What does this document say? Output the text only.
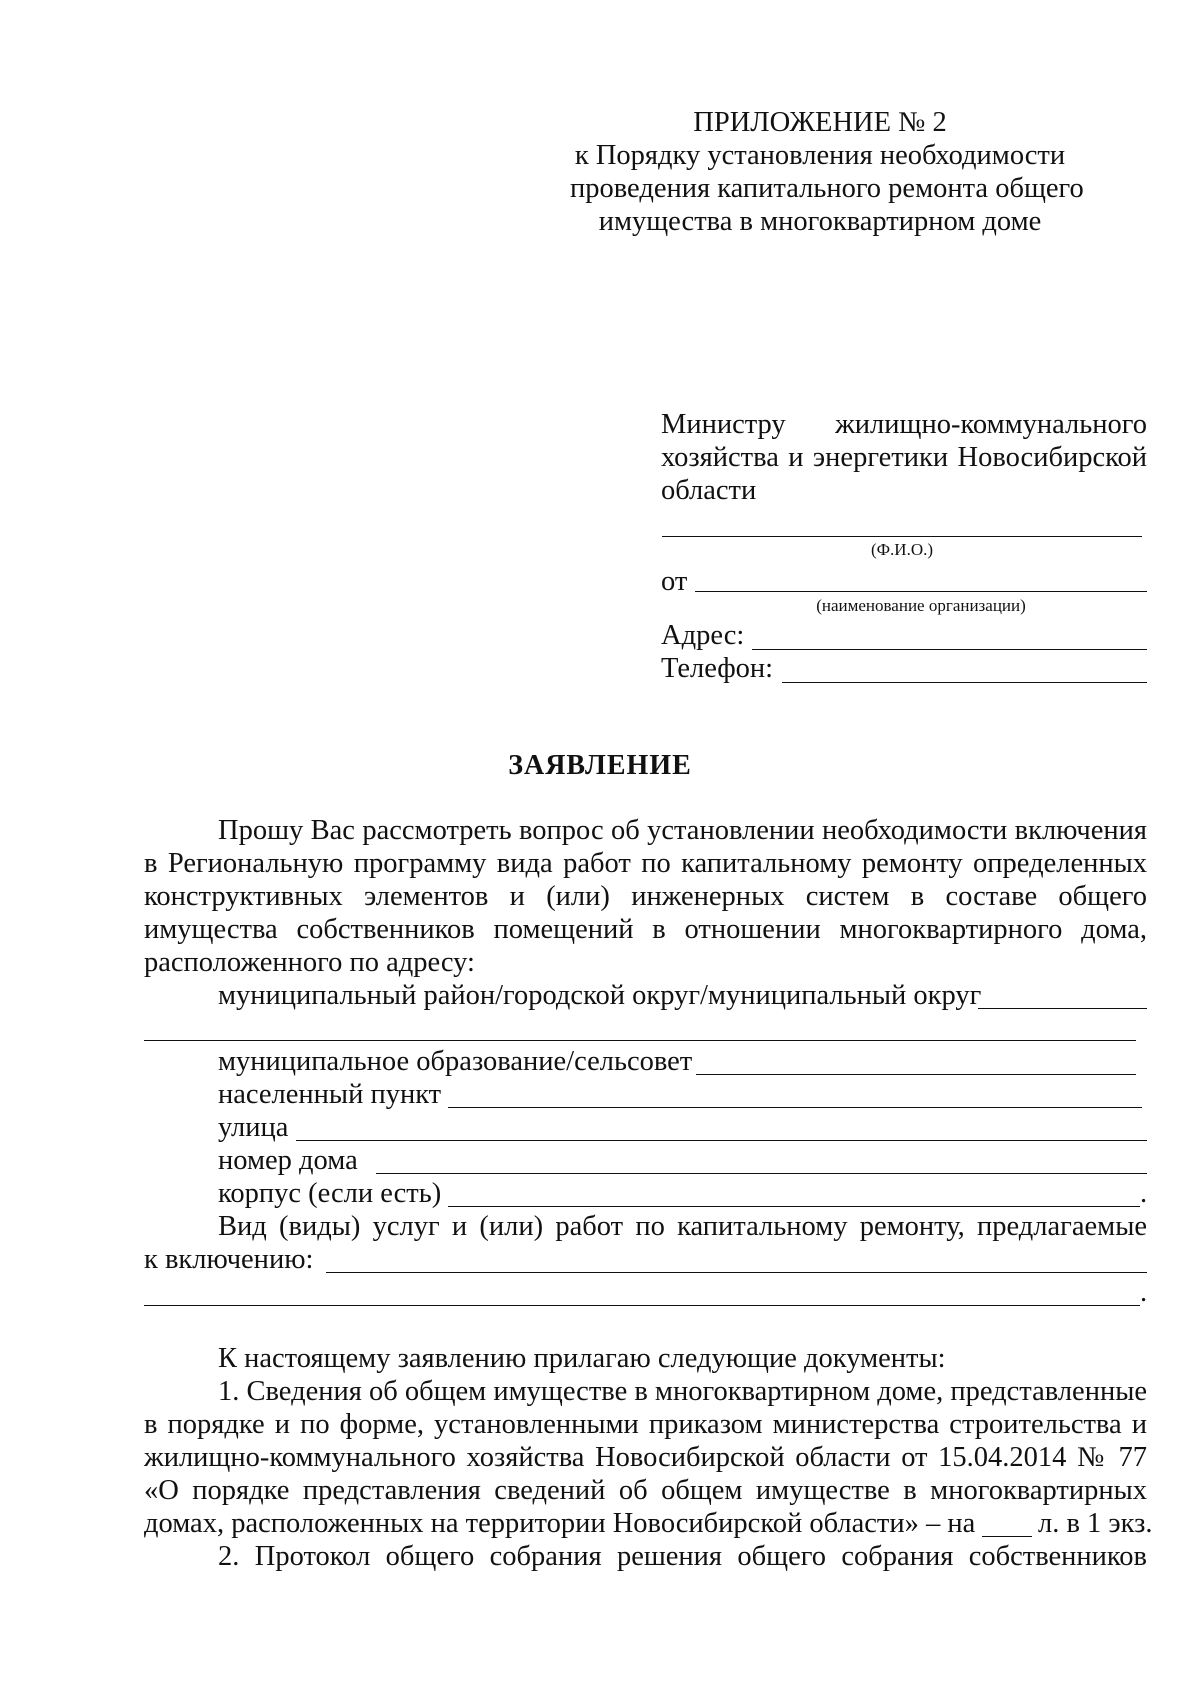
ПРИЛОЖЕНИЕ № 2
к Порядку установления необходимости
проведения капитального ремонта общего
имущества в многоквартирном доме
Министру жилищно-коммунального
хозяйства и энергетики Новосибирской
области
(Ф.И.О.)
от
(наименование организации)
Адрес:
Телефон:
ЗАЯВЛЕНИЕ
Прошу Вас рассмотреть вопрос об установлении необходимости включения
в Региональную программу вида работ по капитальному ремонту определенных
конструктивных элементов и (или) инженерных систем в составе общего
имущества собственников помещений в отношении многоквартирного дома,
расположенного по адресу:
муниципальный район/городской округ/муниципальный округ
муниципальное образование/сельсовет
населенный пункт
улица
номер дома
корпус (если есть)	.
Вид (виды) услуг и (или) работ по капитальному ремонту, предлагаемые
к включению:
.
К настоящему заявлению прилагаю следующие документы:
1. Сведения об общем имуществе в многоквартирном доме, представленные
в порядке и по форме, установленными приказом министерства строительства и
жилищно-коммунального хозяйства Новосибирской области от 15.04.2014 № 77
«О порядке представления сведений об общем имуществе в многоквартирных
домах, расположенных на территории Новосибирской области» – на л. в 1 экз.
2. Протокол общего собрания решения общего собрания собственников
